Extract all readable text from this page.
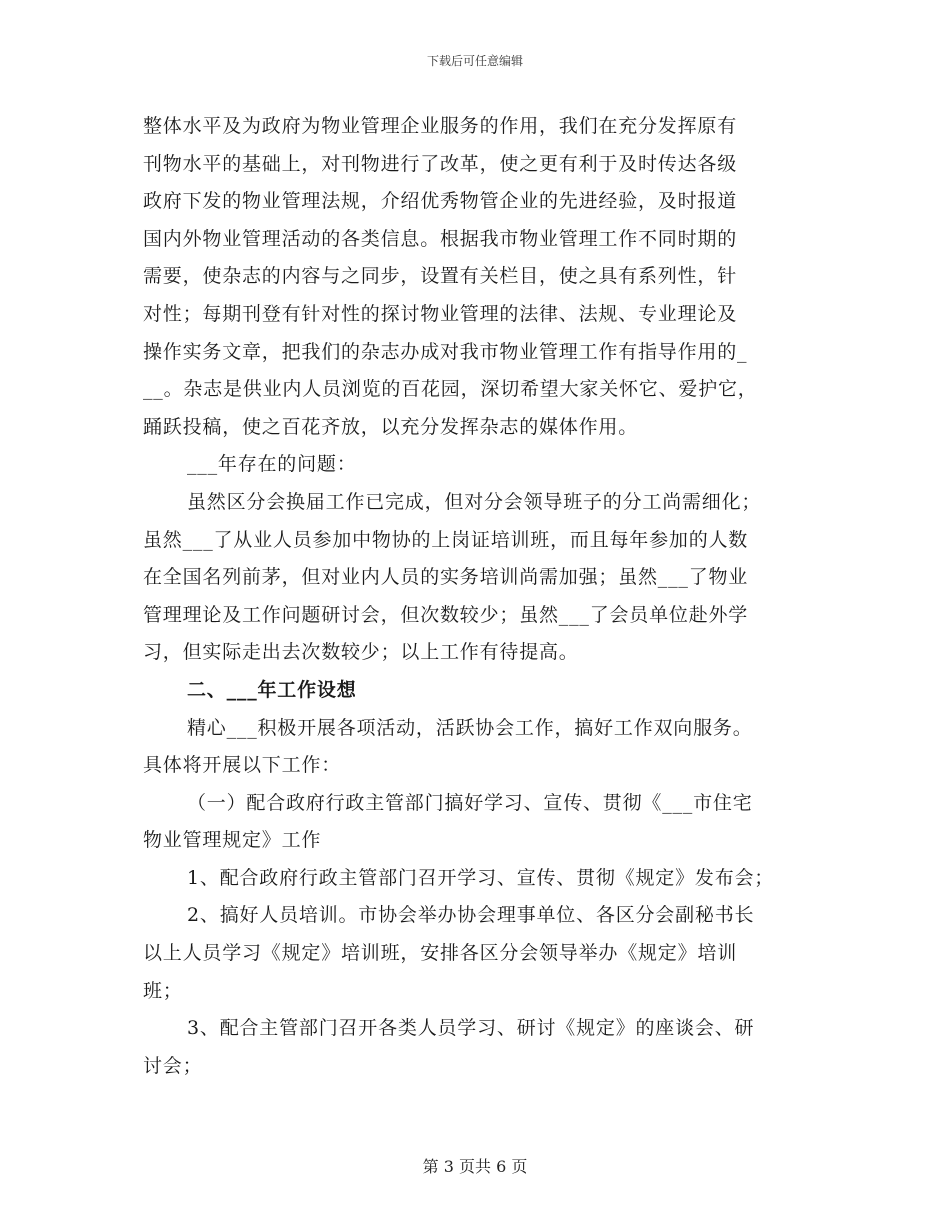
下载后可任意编辑
整体水平及为政府为物业管理企业服务的作用，我们在充分发挥原有
刊物水平的基础上，对刊物进行了改革，使之更有利于及时传达各级
政府下发的物业管理法规，介绍优秀物管企业的先进经验，及时报道
国内外物业管理活动的各类信息。根据我市物业管理工作不同时期的
需要，使杂志的内容与之同步，设置有关栏目，使之具有系列性，针
对性；每期刊登有针对性的探讨物业管理的法律、法规、专业理论及
操作实务文章，把我们的杂志办成对我市物业管理工作有指导作用的_
__。杂志是供业内人员浏览的百花园，深切希望大家关怀它、爱护它，
踊跃投稿，使之百花齐放，以充分发挥杂志的媒体作用。
___年存在的问题：
虽然区分会换届工作已完成，但对分会领导班子的分工尚需细化；
虽然___了从业人员参加中物协的上岗证培训班，而且每年参加的人数
在全国名列前茅，但对业内人员的实务培训尚需加强；虽然___了物业
管理理论及工作问题研讨会，但次数较少；虽然___了会员单位赴外学
习，但实际走出去次数较少；以上工作有待提高。
二、___年工作设想
精心___积极开展各项活动，活跃协会工作，搞好工作双向服务。
具体将开展以下工作：
（一）配合政府行政主管部门搞好学习、宣传、贯彻《___市住宅
物业管理规定》工作
1、配合政府行政主管部门召开学习、宣传、贯彻《规定》发布会；
2、搞好人员培训。市协会举办协会理事单位、各区分会副秘书长
以上人员学习《规定》培训班，安排各区分会领导举办《规定》培训
班；
3、配合主管部门召开各类人员学习、研讨《规定》的座谈会、研
讨会；
第 3 页共 6 页
